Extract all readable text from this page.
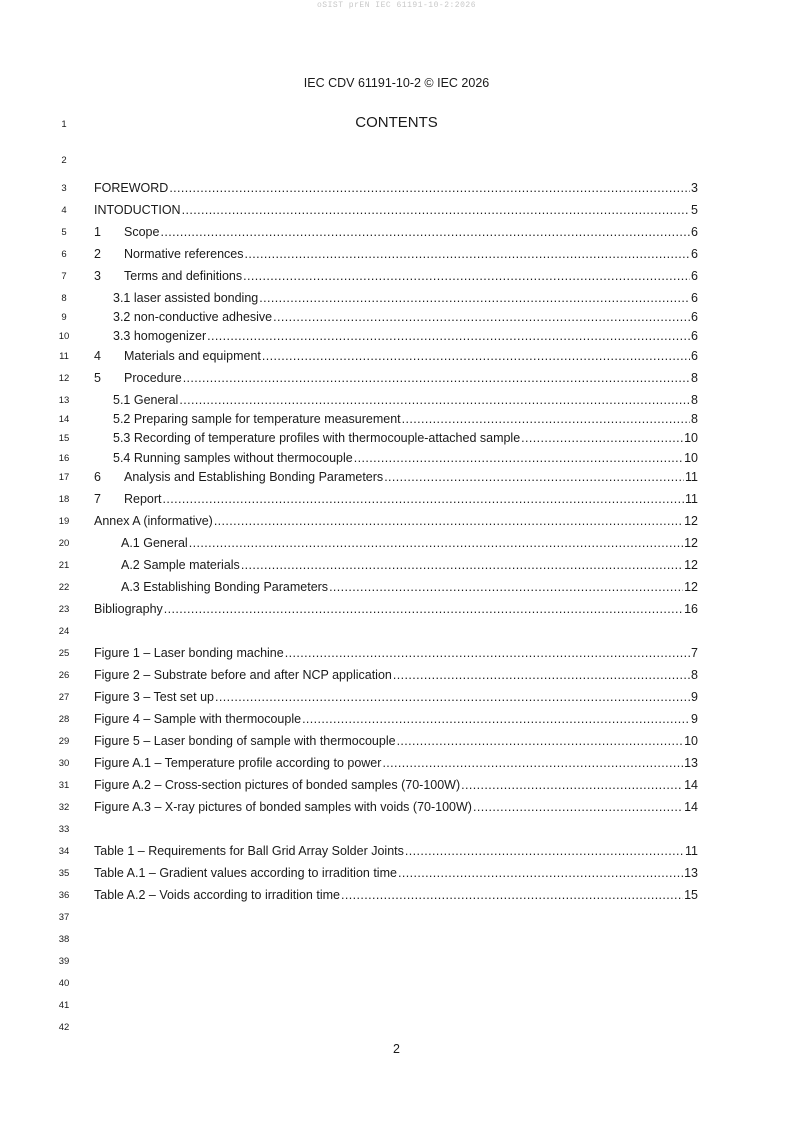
oSIST prEN IEC 61191-10-2:2026
IEC CDV 61191-10-2 © IEC 2026
CONTENTS
1
2
3
4
5
6
7
8
9
10
11
12
13
14
15
16
17
18
19
20
21
22
23
24
25
26
27
28
29
30
31
32
33
34
35
36
37
38
39
40
41
42
FOREWORD .....	3
INTODUCTION .....	5
1	Scope .....	6
2	Normative references .....	6
3	Terms and definitions .....	6
3.1 laser assisted bonding .....	6
3.2 non-conductive adhesive .....	6
3.3 homogenizer .....	6
4	Materials and equipment .....	6
5	Procedure .....	8
5.1 General .....	8
5.2 Preparing sample for temperature measurement .....	8
5.3 Recording of temperature profiles with thermocouple-attached sample .....	10
5.4 Running samples without thermocouple .....	10
6	Analysis and Establishing Bonding Parameters .....	11
7	Report .....	11
Annex A (informative) .....	12
A.1 General .....	12
A.2 Sample materials .....	12
A.3 Establishing Bonding Parameters .....	12
Bibliography .....	16
Figure 1 – Laser bonding machine .....	7
Figure 2 – Substrate before and after NCP application .....	8
Figure 3 – Test set up .....	9
Figure 4 – Sample with thermocouple .....	9
Figure 5 – Laser bonding of sample with thermocouple .....	10
Figure A.1 – Temperature profile according to power .....	13
Figure A.2 – Cross-section pictures of bonded samples (70-100W) .....	14
Figure A.3 – X-ray pictures of bonded samples with voids (70-100W) .....	14
Table 1 – Requirements for Ball Grid Array Solder Joints .....	11
Table A.1 – Gradient values according to irradition time .....	13
Table A.2 – Voids according to irradition time .....	15
2
